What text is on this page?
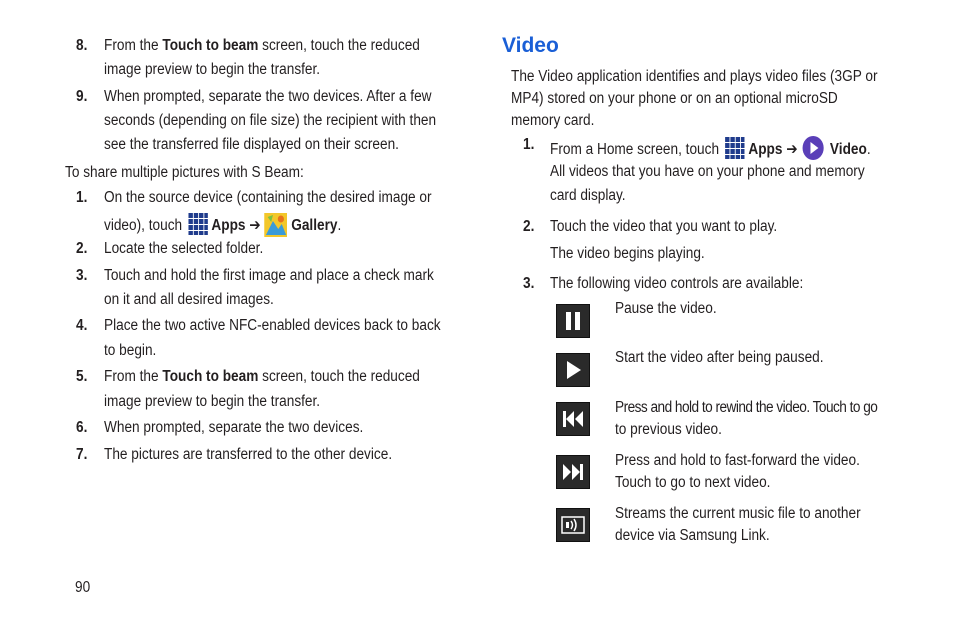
8. From the Touch to beam screen, touch the reduced
image preview to begin the transfer.
9. When prompted, separate the two devices. After a few
seconds (depending on file size) the recipient with then
see the transferred file displayed on their screen.
To share multiple pictures with S Beam:
1. On the source device (containing the desired image or
video), touch
Apps ➔ Gallery.
2. Locate the selected folder.
3. Touch and hold the first image and place a check mark
on it and all desired images.
4. Place the two active NFC-enabled devices back to back
to begin.
5. From the Touch to beam screen, touch the reduced
image preview to begin the transfer.
6. When prompted, separate the two devices.
7. The pictures are transferred to the other device.
Video
The Video application identifies and plays video files (3GP or
MP4) stored on your phone or on an optional microSD
memory card.
1. From a Home screen, touch
Apps ➔ Video.
All videos that you have on your phone and memory
card display.
2. Touch the video that you want to play.
The video begins playing.
3. The following video controls are available:
Pause the video.
Start the video after being paused.
Press and hold to rewind the video. Touch to go
to previous video.
Press and hold to fast-forward the video.
Touch to go to next video.
Streams the current music file to another
device via Samsung Link.
90
